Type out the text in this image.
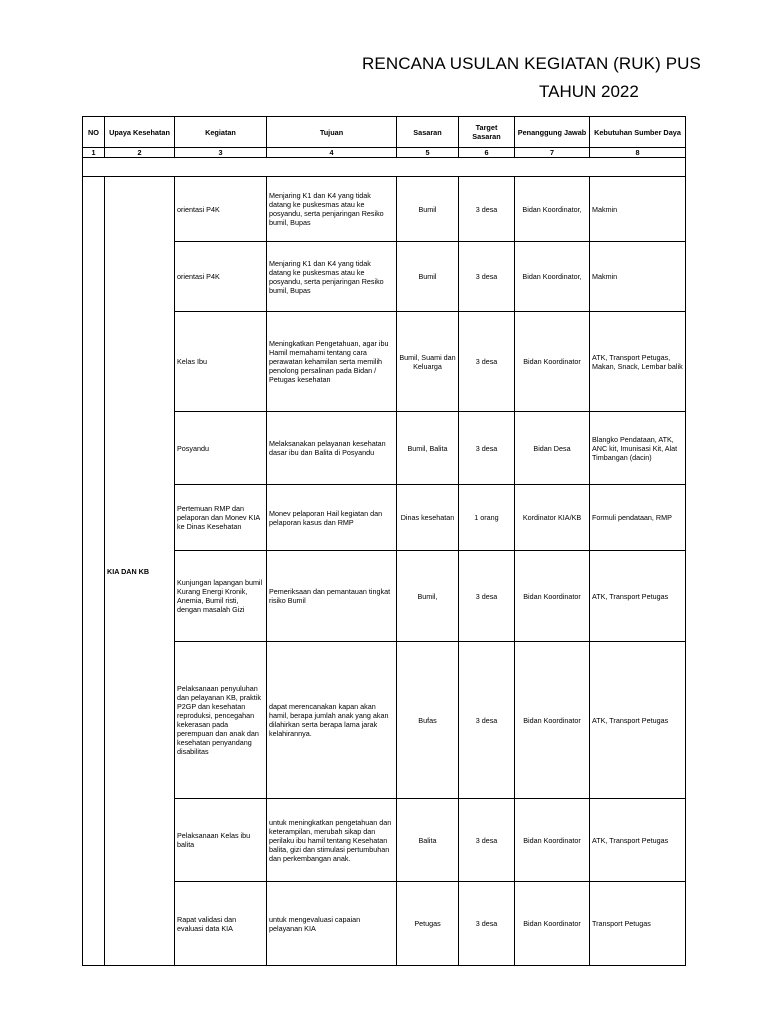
RENCANA USULAN KEGIATAN (RUK) PUS
TAHUN 2022
NO	Upaya Kesehatan	Kegiatan	Tujuan	Sasaran	Target Sasaran	Penanggung Jawab	Kebutuhan Sumber Daya
1	2	3	4	5	6	7	8

	KIA DAN KB	orientasi P4K	Menjaring K1 dan K4 yang tidak datang ke puskesmas atau ke posyandu, serta penjaringan Resiko bumil, Bupas	Bumil	3 desa	Bidan Koordinator,	Makmin
		orientasi P4K	Menjaring K1 dan K4 yang tidak datang ke puskesmas atau ke posyandu, serta penjaringan Resiko bumil, Bupas	Bumil	3 desa	Bidan Koordinator,	Makmin
		Kelas Ibu	Meningkatkan Pengetahuan, agar ibu Hamil memahami tentang cara perawatan kehamilan serta memilih penolong persalinan pada Bidan / Petugas kesehatan	Bumil, Suami dan Keluarga	3 desa	Bidan Koordinator	ATK, Transport Petugas, Makan, Snack, Lembar balik
		Posyandu	Melaksanakan pelayanan kesehatan dasar ibu dan Balita di Posyandu	Bumil, Balita	3 desa	Bidan Desa	Blangko Pendataan, ATK, ANC kit, Imunisasi Kit, Alat Timbangan (dacin)
		Pertemuan RMP dan pelaporan dan Monev KIA ke Dinas Kesehatan	Monev pelaporan Hail kegiatan dan pelaporan kasus dan RMP	Dinas kesehatan	1 orang	Kordinator KIA/KB	Formuli pendataan, RMP
		Kunjungan lapangan bumil Kurang Energi Kronik, Anemia, Bumil risti, dengan masalah Gizi	Pemeriksaan dan pemantauan tingkat risiko Bumil	Bumil,	3 desa	Bidan Koordinator	ATK, Transport Petugas
		Pelaksanaan penyuluhan dan pelayanan KB, praktik P2GP dan kesehatan reproduksi, pencegahan kekerasan pada perempuan dan anak dan kesehatan penyandang disabilitas	dapat merencanakan kapan akan hamil, berapa jumlah anak yang akan dilahirkan serta berapa lama jarak kelahirannya.	Bufas	3 desa	Bidan Koordinator	ATK, Transport Petugas
		Pelaksanaan Kelas ibu balita	untuk meningkatkan pengetahuan dan keterampilan, merubah sikap dan perilaku ibu hamil tentang Kesehatan balita, gizi dan stimulasi pertumbuhan dan perkembangan anak.	Balita	3 desa	Bidan Koordinator	ATK, Transport Petugas
		Rapat validasi dan evaluasi data KIA	untuk mengevaluasi capaian pelayanan KIA	Petugas	3 desa	Bidan Koordinator	Transport Petugas
